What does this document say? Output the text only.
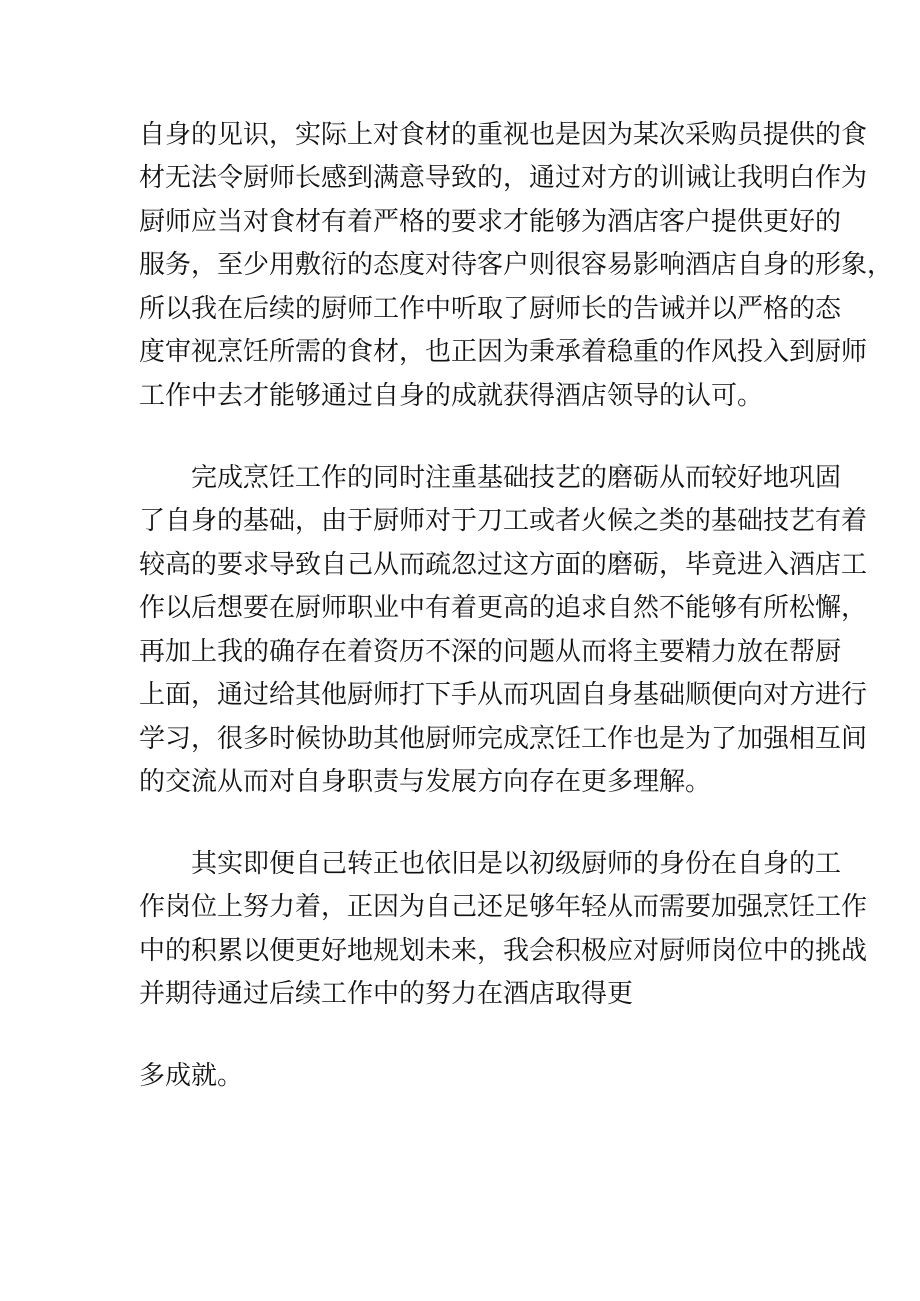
自身的见识，实际上对食材的重视也是因为某次采购员提供的食
材无法令厨师长感到满意导致的，通过对方的训诫让我明白作为
厨师应当对食材有着严格的要求才能够为酒店客户提供更好的
服务，至少用敷衍的态度对待客户则很容易影响酒店自身的形象，
所以我在后续的厨师工作中听取了厨师长的告诫并以严格的态
度审视烹饪所需的食材，也正因为秉承着稳重的作风投入到厨师
工作中去才能够通过自身的成就获得酒店领导的认可。
完成烹饪工作的同时注重基础技艺的磨砺从而较好地巩固
了自身的基础，由于厨师对于刀工或者火候之类的基础技艺有着
较高的要求导致自己从而疏忽过这方面的磨砺，毕竟进入酒店工
作以后想要在厨师职业中有着更高的追求自然不能够有所松懈，
再加上我的确存在着资历不深的问题从而将主要精力放在帮厨
上面，通过给其他厨师打下手从而巩固自身基础顺便向对方进行
学习，很多时候协助其他厨师完成烹饪工作也是为了加强相互间
的交流从而对自身职责与发展方向存在更多理解。
其实即便自己转正也依旧是以初级厨师的身份在自身的工
作岗位上努力着，正因为自己还足够年轻从而需要加强烹饪工作
中的积累以便更好地规划未来，我会积极应对厨师岗位中的挑战
并期待通过后续工作中的努力在酒店取得更
多成就。
